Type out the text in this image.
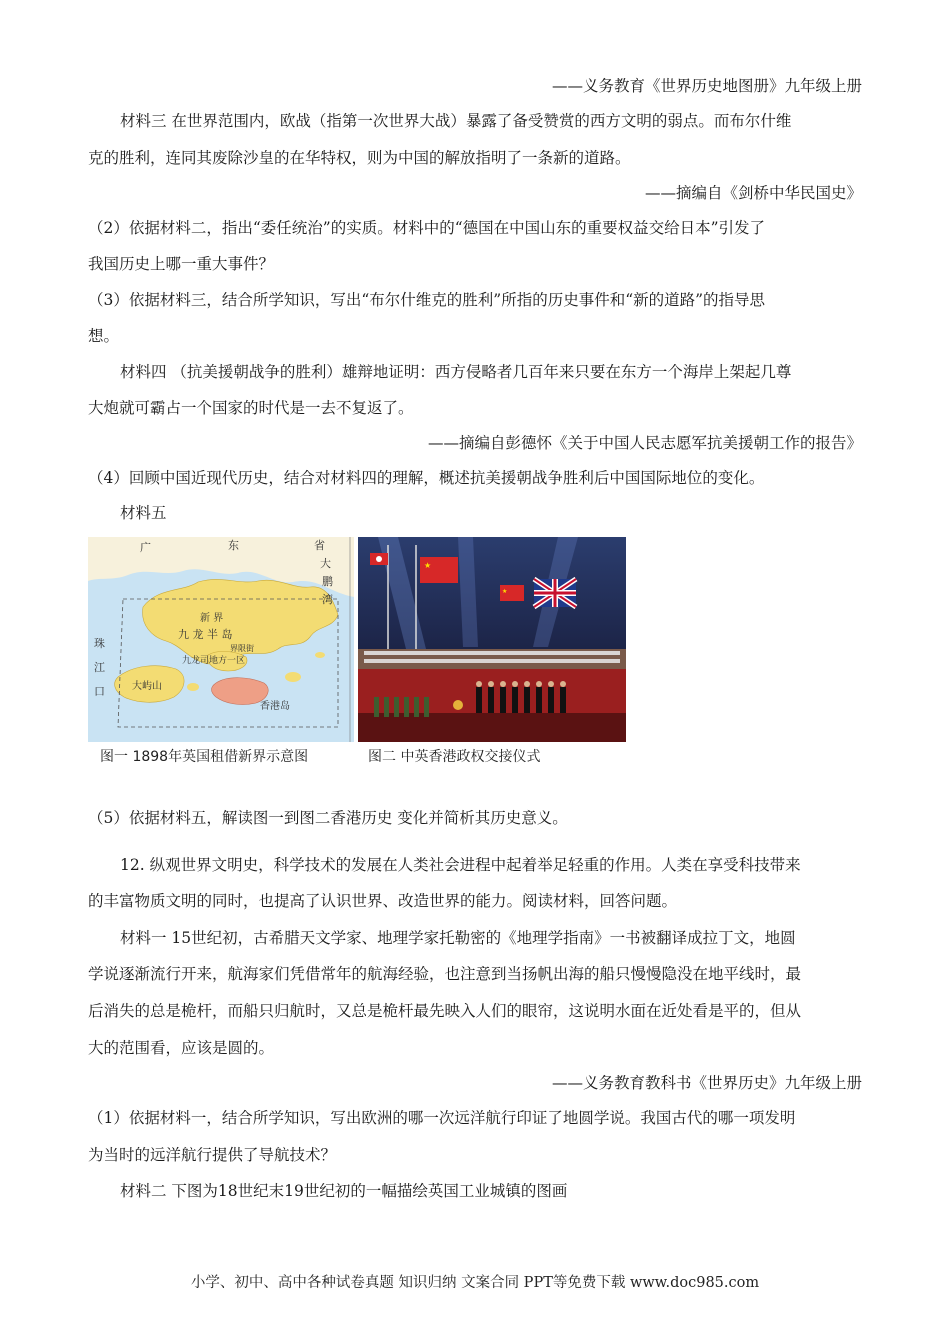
——义务教育《世界历史地图册》九年级上册
材料三 在世界范围内，欧战（指第一次世界大战）暴露了备受赞赏的西方文明的弱点。而布尔什维
克的胜利，连同其废除沙皇的在华特权，则为中国的解放指明了一条新的道路。
——摘编自《剑桥中华民国史》
（2）依据材料二，指出“委任统治”的实质。材料中的“德国在中国山东的重要权益交给日本”引发了
我国历史上哪一重大事件？
（3）依据材料三，结合所学知识，写出“布尔什维克的胜利”所指的历史事件和“新的道路”的指导思
想。
材料四 （抗美援朝战争的胜利）雄辩地证明：西方侵略者几百年来只要在东方一个海岸上架起几尊
大炮就可霸占一个国家的时代是一去不复返了。
——摘编自彭德怀《关于中国人民志愿军抗美援朝工作的报告》
（4）回顾中国近现代历史，结合对材料四的理解，概述抗美援朝战争胜利后中国国际地位的变化。
材料五
广	东	省
新 界
九 龙 半 岛
界限街
九龙司地方一区
大屿山
香港岛
珠
江
口
大
鹏
湾
★
★
图一 1898年英国租借新界示意图	图二 中英香港政权交接仪式
（5）依据材料五，解读图一到图二香港历史 变化并简析其历史意义。
12. 纵观世界文明史，科学技术的发展在人类社会进程中起着举足轻重的作用。人类在享受科技带来
的丰富物质文明的同时，也提高了认识世界、改造世界的能力。阅读材料，回答问题。
材料一 15世纪初，古希腊天文学家、地理学家托勒密的《地理学指南》一书被翻译成拉丁文，地圆
学说逐渐流行开来，航海家们凭借常年的航海经验，也注意到当扬帆出海的船只慢慢隐没在地平线时，最
后消失的总是桅杆，而船只归航时，又总是桅杆最先映入人们的眼帘，这说明水面在近处看是平的，但从
大的范围看，应该是圆的。
——义务教育教科书《世界历史》九年级上册
（1）依据材料一，结合所学知识，写出欧洲的哪一次远洋航行印证了地圆学说。我国古代的哪一项发明
为当时的远洋航行提供了导航技术？
材料二 下图为18世纪末19世纪初的一幅描绘英国工业城镇的图画
小学、初中、高中各种试卷真题 知识归纳 文案合同 PPT等免费下载 www.doc985.com
